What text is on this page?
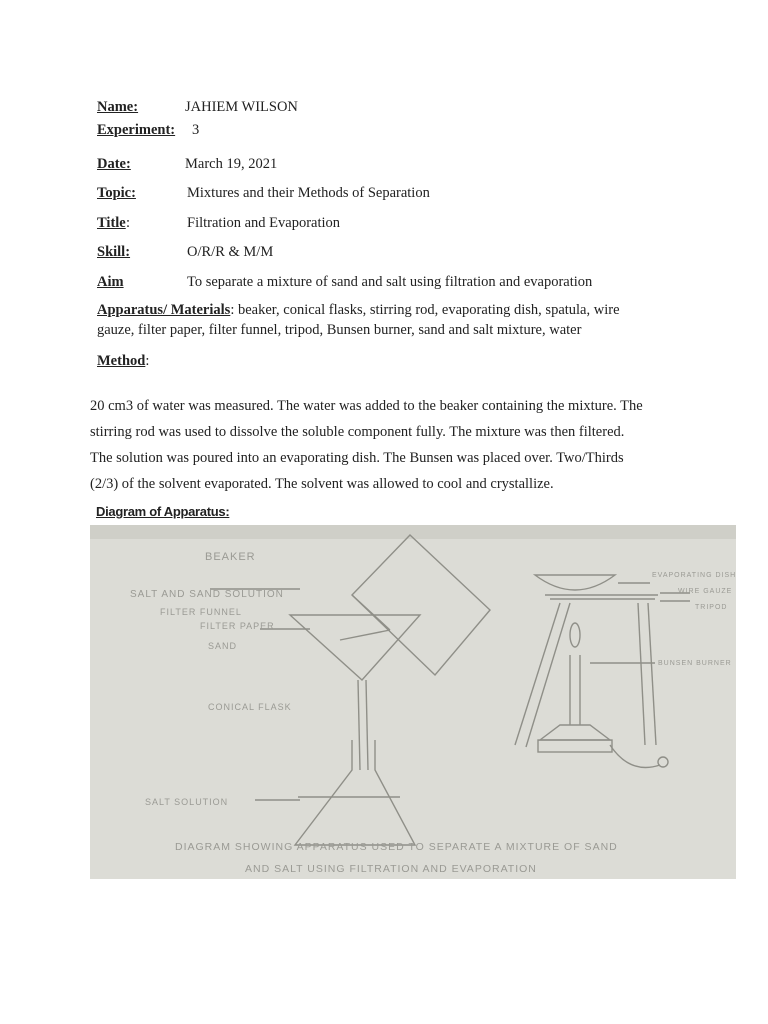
Name:	JAHIEM WILSON
Experiment: 3
Date:	March 19, 2021
Topic:	Mixtures and their Methods of Separation
Title :	Filtration and Evaporation
Skill:	O/R/R & M/M
Aim	To separate a mixture of sand and salt using filtration and evaporation
Apparatus/ Materials: beaker, conical flasks, stirring rod, evaporating dish, spatula, wire
gauze, filter paper, filter funnel, tripod, Bunsen burner, sand and salt mixture, water
Method:

20 cm3 of water was measured. The water was added to the beaker containing the mixture. The

stirring rod was used to dissolve the soluble component fully. The mixture was then filtered.

The solution was poured into an evaporating dish. The Bunsen was placed over. Two/Thirds

(2/3) of the solvent evaporated. The solvent was allowed to cool and crystallize.

Diagram of Apparatus:
BEAKER
SALT AND SAND SOLUTION
FILTER FUNNEL
FILTER PAPER
SAND
CONICAL FLASK
SALT SOLUTION
EVAPORATING DISH
WIRE GAUZE
TRIPOD
BUNSEN BURNER
DIAGRAM SHOWING APPARATUS USED TO SEPARATE A MIXTURE OF SAND
AND SALT USING FILTRATION AND EVAPORATION
